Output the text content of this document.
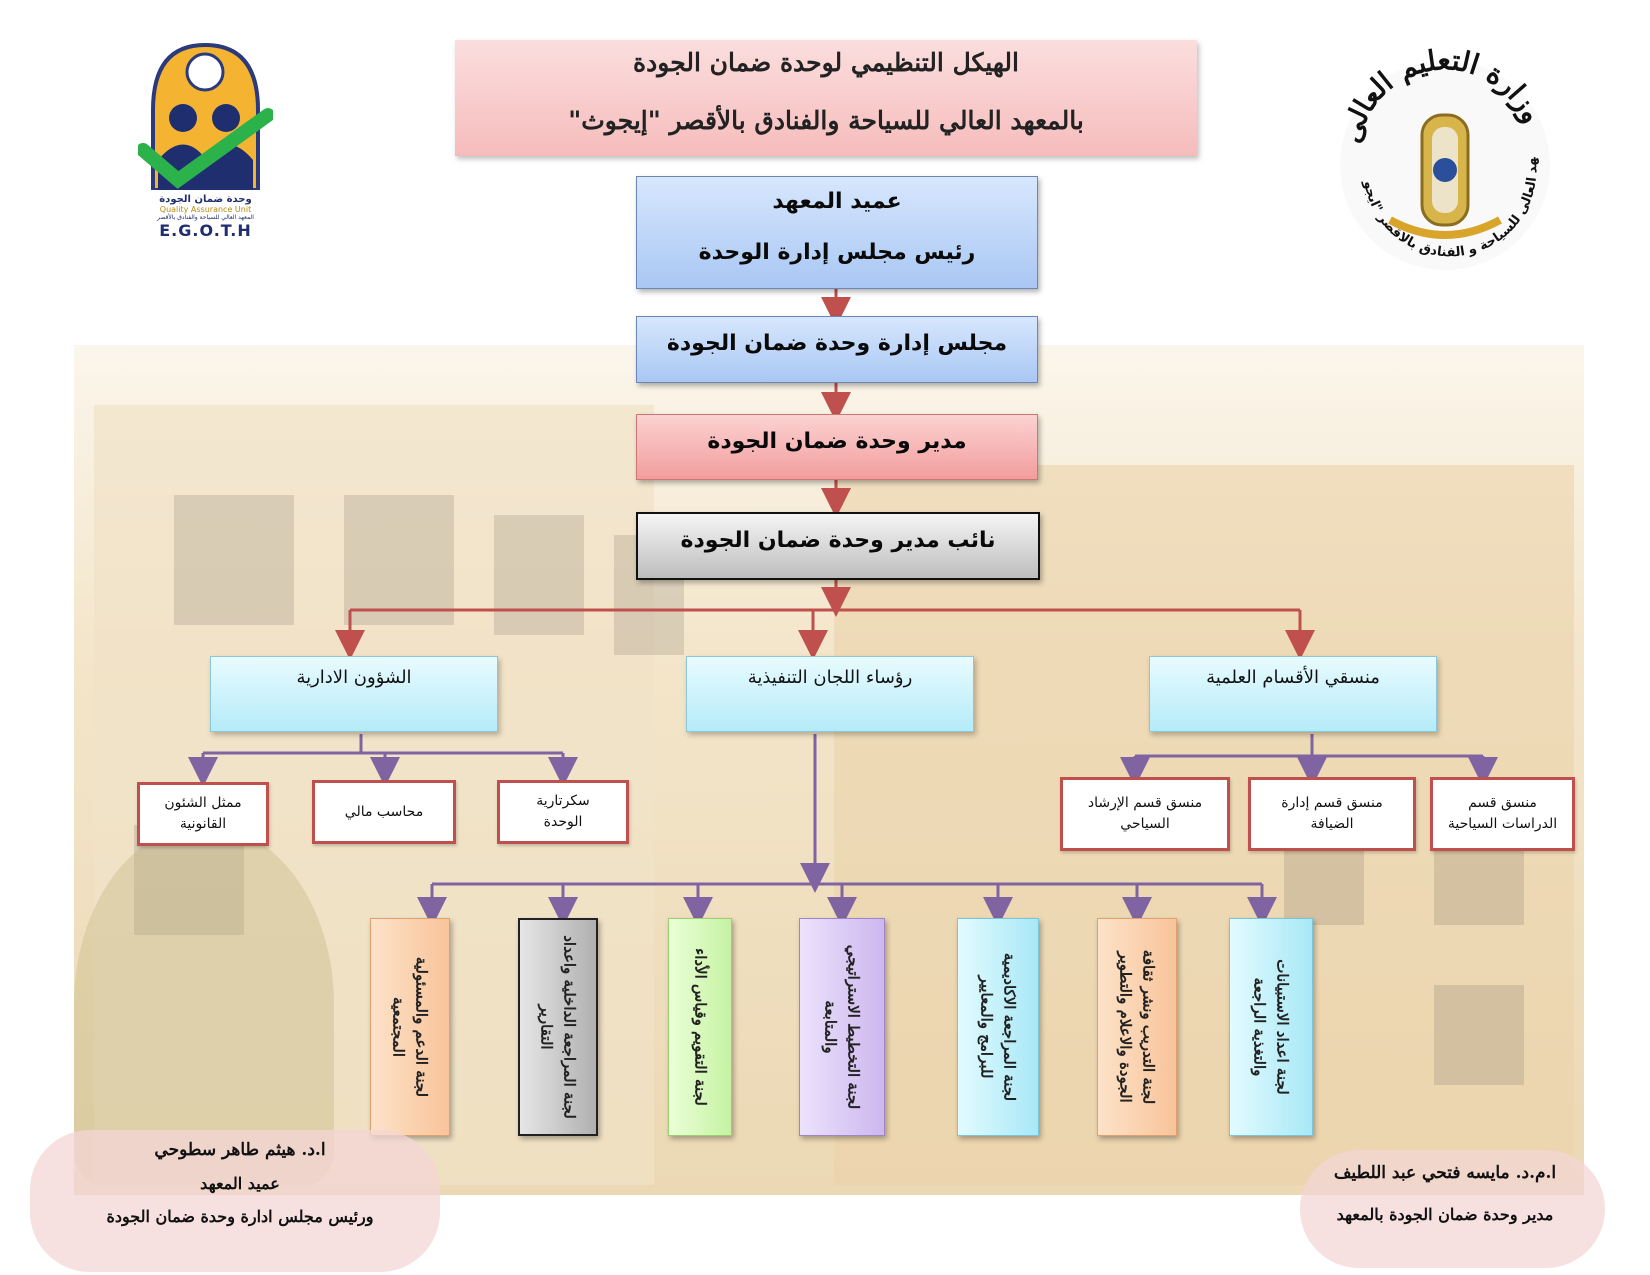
وحدة ضمان الجودة
Quality Assurance Unit
المعهد العالي للسياحة والفنادق بالأقصر
E.G.O.T.H
وزارة التعليم العالى
هد العالى للسياحة و الفنادق بالاقصر "ايجو
الهيكل التنظيمي لوحدة ضمان الجودة
بالمعهد العالي للسياحة والفنادق بالأقصر "إيجوث"
عميد المعهد
رئيس مجلس إدارة الوحدة
مجلس إدارة وحدة ضمان الجودة
مدير وحدة ضمان الجودة
نائب مدير وحدة ضمان الجودة
الشؤون الادارية	رؤساء اللجان التنفيذية	منسقي الأقسام العلمية
ممثل الشئون
القانونية
محاسب مالي
سكرتارية
الوحدة
منسق قسم الإرشاد
السياحي
منسق قسم إدارة
الضيافة
منسق قسم
الدراسات السياحية
لجنة الدعم والمسئولية
المجتمعية	لجنة المراجعة الداخلية واعداد
التقارير	لجنة التقويم وقياس الأداء	لجنة التخطيط الاستراتيجي
والمتابعة	لجنة المراجعة الاكاديمية
للبرامج والمعايير	لجنة التدريب ونشر ثقافة
الجودة والاعلام والتطوير	لجنة اعداد الاستبيانات
والتغذية الراجعة
ا.د. هيثم طاهر سطوحي
عميد المعهد
ورئيس مجلس ادارة وحدة ضمان الجودة
ا.م.د. مايسه فتحي عبد اللطيف
مدير وحدة ضمان الجودة بالمعهد
